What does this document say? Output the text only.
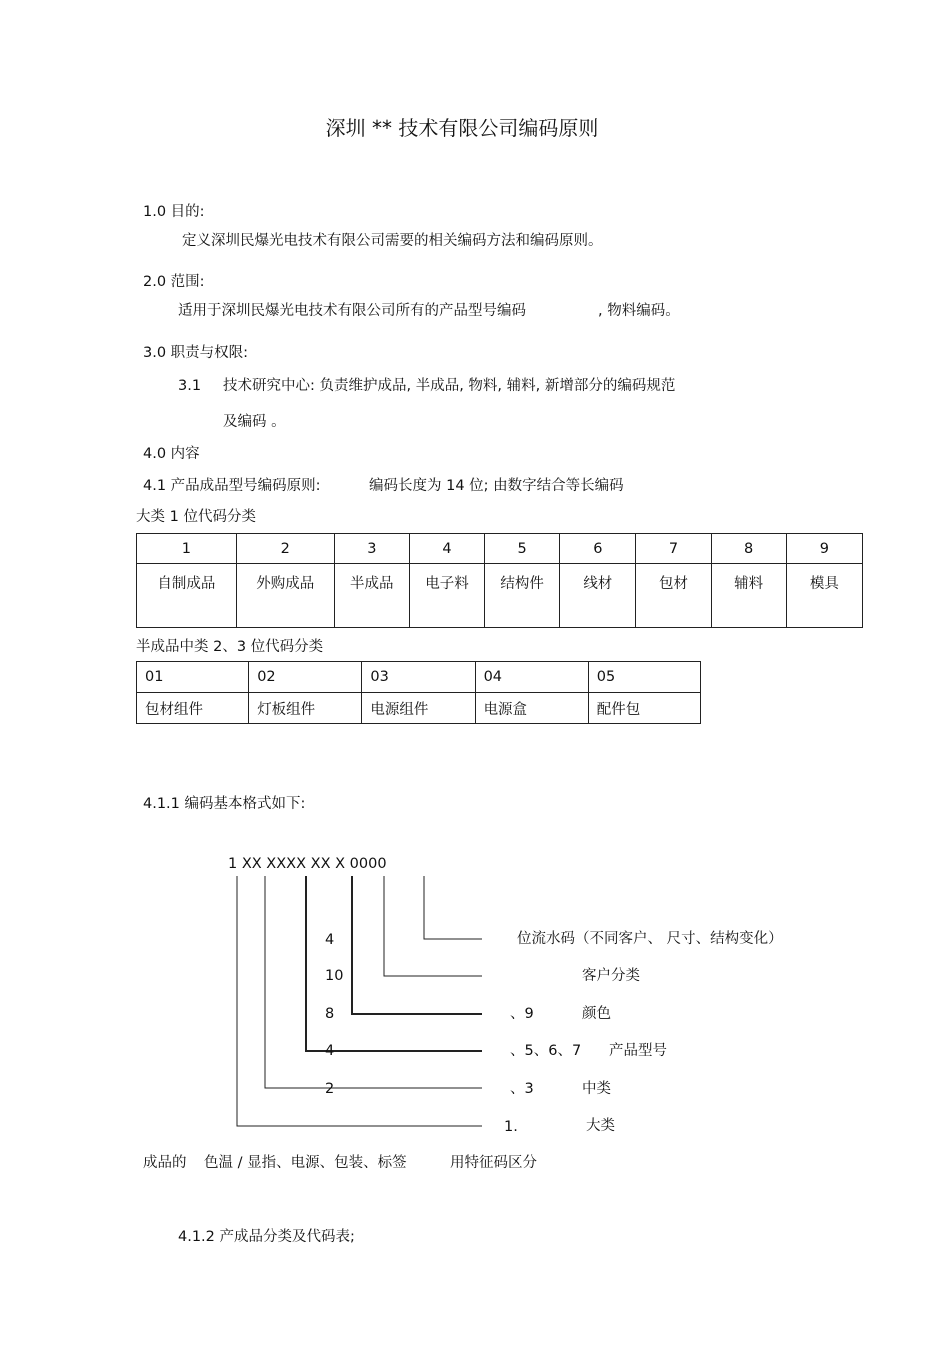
深圳 ** 技术有限公司编码原则
1.0 目的:
定义深圳民爆光电技术有限公司需要的相关编码方法和编码原则。
2.0 范围:
适用于深圳民爆光电技术有限公司所有的产品型号编码	, 物料编码。
3.0 职责与权限:
3.1 技术研究中心: 负责维护成品, 半成品, 物料, 辅料, 新增部分的编码规范
及编码 。
4.0 内容
4.1 产品成品型号编码原则:	编码长度为 14 位; 由数字结合等长编码
大类 1 位代码分类
1	2	3	4	5	6	7	8	9
自制成品	外购成品	半成品	电子料	结构件	线材	包材	辅料	模具
半成品中类 2、3 位代码分类
01	02	03	04	05
包材组件	灯板组件	电源组件	电源盒	配件包
4.1.1 编码基本格式如下:
1 XX XXXX XX X 0000
4	位流水码（不同客户、 尺寸、结构变化）
10	客户分类
8	、9	颜色
4	、5、6、7 产品型号
2	、3	中类
1.	大类
成品的 色温 / 显指、电源、包装、标签	用特征码区分
4.1.2 产成品分类及代码表;
